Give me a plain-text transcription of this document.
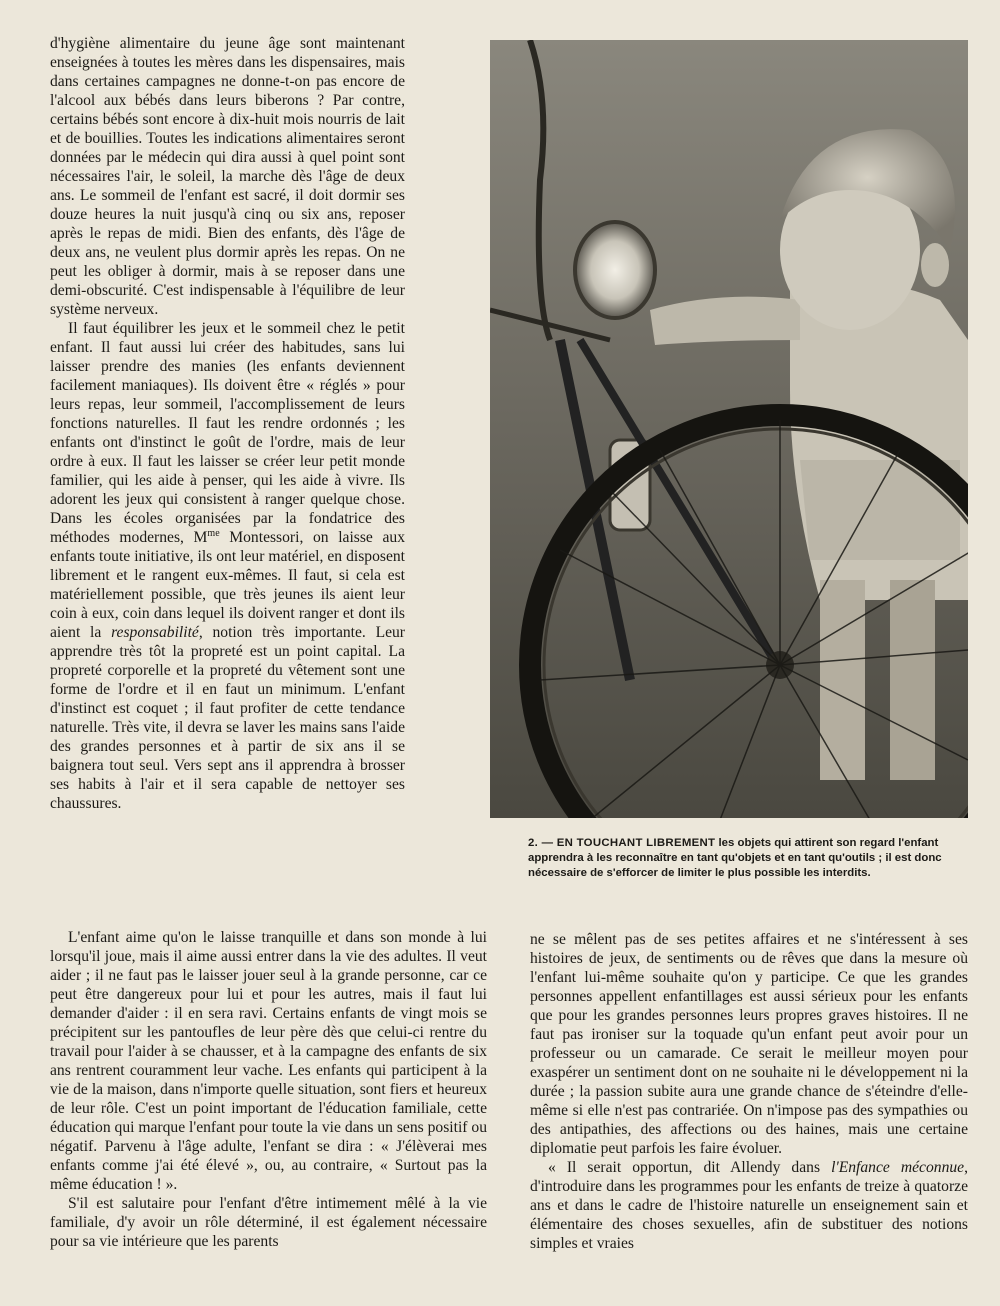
d'hygiène alimentaire du jeune âge sont maintenant enseignées à toutes les mères dans les dispensaires, mais dans certaines campagnes ne donne-t-on pas encore de l'alcool aux bébés dans leurs biberons ? Par contre, certains bébés sont encore à dix-huit mois nourris de lait et de bouillies. Toutes les indications alimentaires seront données par le médecin qui dira aussi à quel point sont nécessaires l'air, le soleil, la marche dès l'âge de deux ans. Le sommeil de l'enfant est sacré, il doit dormir ses douze heures la nuit jusqu'à cinq ou six ans, reposer après le repas de midi. Bien des enfants, dès l'âge de deux ans, ne veulent plus dormir après les repas. On ne peut les obliger à dormir, mais à se reposer dans une demi-obscurité. C'est indispensable à l'équilibre de leur système nerveux.

Il faut équilibrer les jeux et le sommeil chez le petit enfant. Il faut aussi lui créer des habitudes, sans lui laisser prendre des manies (les enfants deviennent facilement maniaques). Ils doivent être « réglés » pour leurs repas, leur sommeil, l'accomplissement de leurs fonctions naturelles. Il faut les rendre ordonnés ; les enfants ont d'instinct le goût de l'ordre, mais de leur ordre à eux. Il faut les laisser se créer leur petit monde familier, qui les aide à penser, qui les aide à vivre. Ils adorent les jeux qui consistent à ranger quelque chose. Dans les écoles organisées par la fondatrice des méthodes modernes, $M^{me}$ Montessori, on laisse aux enfants toute initiative, ils ont leur matériel, en disposent librement et le rangent eux-mêmes. Il faut, si cela est matériellement possible, que très jeunes ils aient leur coin à eux, coin dans lequel ils doivent ranger et dont ils aient la responsabilité, notion très importante. Leur apprendre très tôt la propreté est un point capital. La propreté corporelle et la propreté du vêtement sont une forme de l'ordre et il en faut un minimum. L'enfant d'instinct est coquet ; il faut profiter de cette tendance naturelle. Très vite, il devra se laver les mains sans l'aide des grandes personnes et à partir de six ans il se baignera tout seul. Vers sept ans il apprendra à brosser ses habits à l'air et il sera capable de nettoyer ses chaussures.

2. — EN TOUCHANT LIBREMENT les objets qui attirent son regard l'enfant apprendra à les reconnaître en tant qu'objets et en tant qu'outils ; il est donc nécessaire de s'efforcer de limiter le plus possible les interdits.

L'enfant aime qu'on le laisse tranquille et dans son monde à lui lorsqu'il joue, mais il aime aussi entrer dans la vie des adultes. Il veut aider ; il ne faut pas le laisser jouer seul à la grande personne, car ce peut être dangereux pour lui et pour les autres, mais il faut lui demander d'aider : il en sera ravi. Certains enfants de vingt mois se précipitent sur les pantoufles de leur père dès que celui-ci rentre du travail pour l'aider à se chausser, et à la campagne des enfants de six ans rentrent couramment leur vache. Les enfants qui participent à la vie de la maison, dans n'importe quelle situation, sont fiers et heureux de leur rôle. C'est un point important de l'éducation familiale, cette éducation qui marque l'enfant pour toute la vie dans un sens positif ou négatif. Parvenu à l'âge adulte, l'enfant se dira : « J'élèverai mes enfants comme j'ai été élevé », ou, au contraire, « Surtout pas la même éducation ! ».

S'il est salutaire pour l'enfant d'être intimement mêlé à la vie familiale, d'y avoir un rôle déterminé, il est également nécessaire pour sa vie intérieure que les parents

ne se mêlent pas de ses petites affaires et ne s'intéressent à ses histoires de jeux, de sentiments ou de rêves que dans la mesure où l'enfant lui-même souhaite qu'on y participe. Ce que les grandes personnes appellent enfantillages est aussi sérieux pour les enfants que pour les grandes personnes leurs propres graves histoires. Il ne faut pas ironiser sur la toquade qu'un enfant peut avoir pour un professeur ou un camarade. Ce serait le meilleur moyen pour exaspérer un sentiment dont on ne souhaite ni le développement ni la durée ; la passion subite aura une grande chance de s'éteindre d'elle-même si elle n'est pas contrariée. On n'impose pas des sympathies ou des antipathies, des affections ou des haines, mais une certaine diplomatie peut parfois les faire évoluer.

« Il serait opportun, dit Allendy dans l'Enfance méconnue, d'introduire dans les programmes pour les enfants de treize à quatorze ans et dans le cadre de l'histoire naturelle un enseignement sain et élémentaire des choses sexuelles, afin de substituer des notions simples et vraies
